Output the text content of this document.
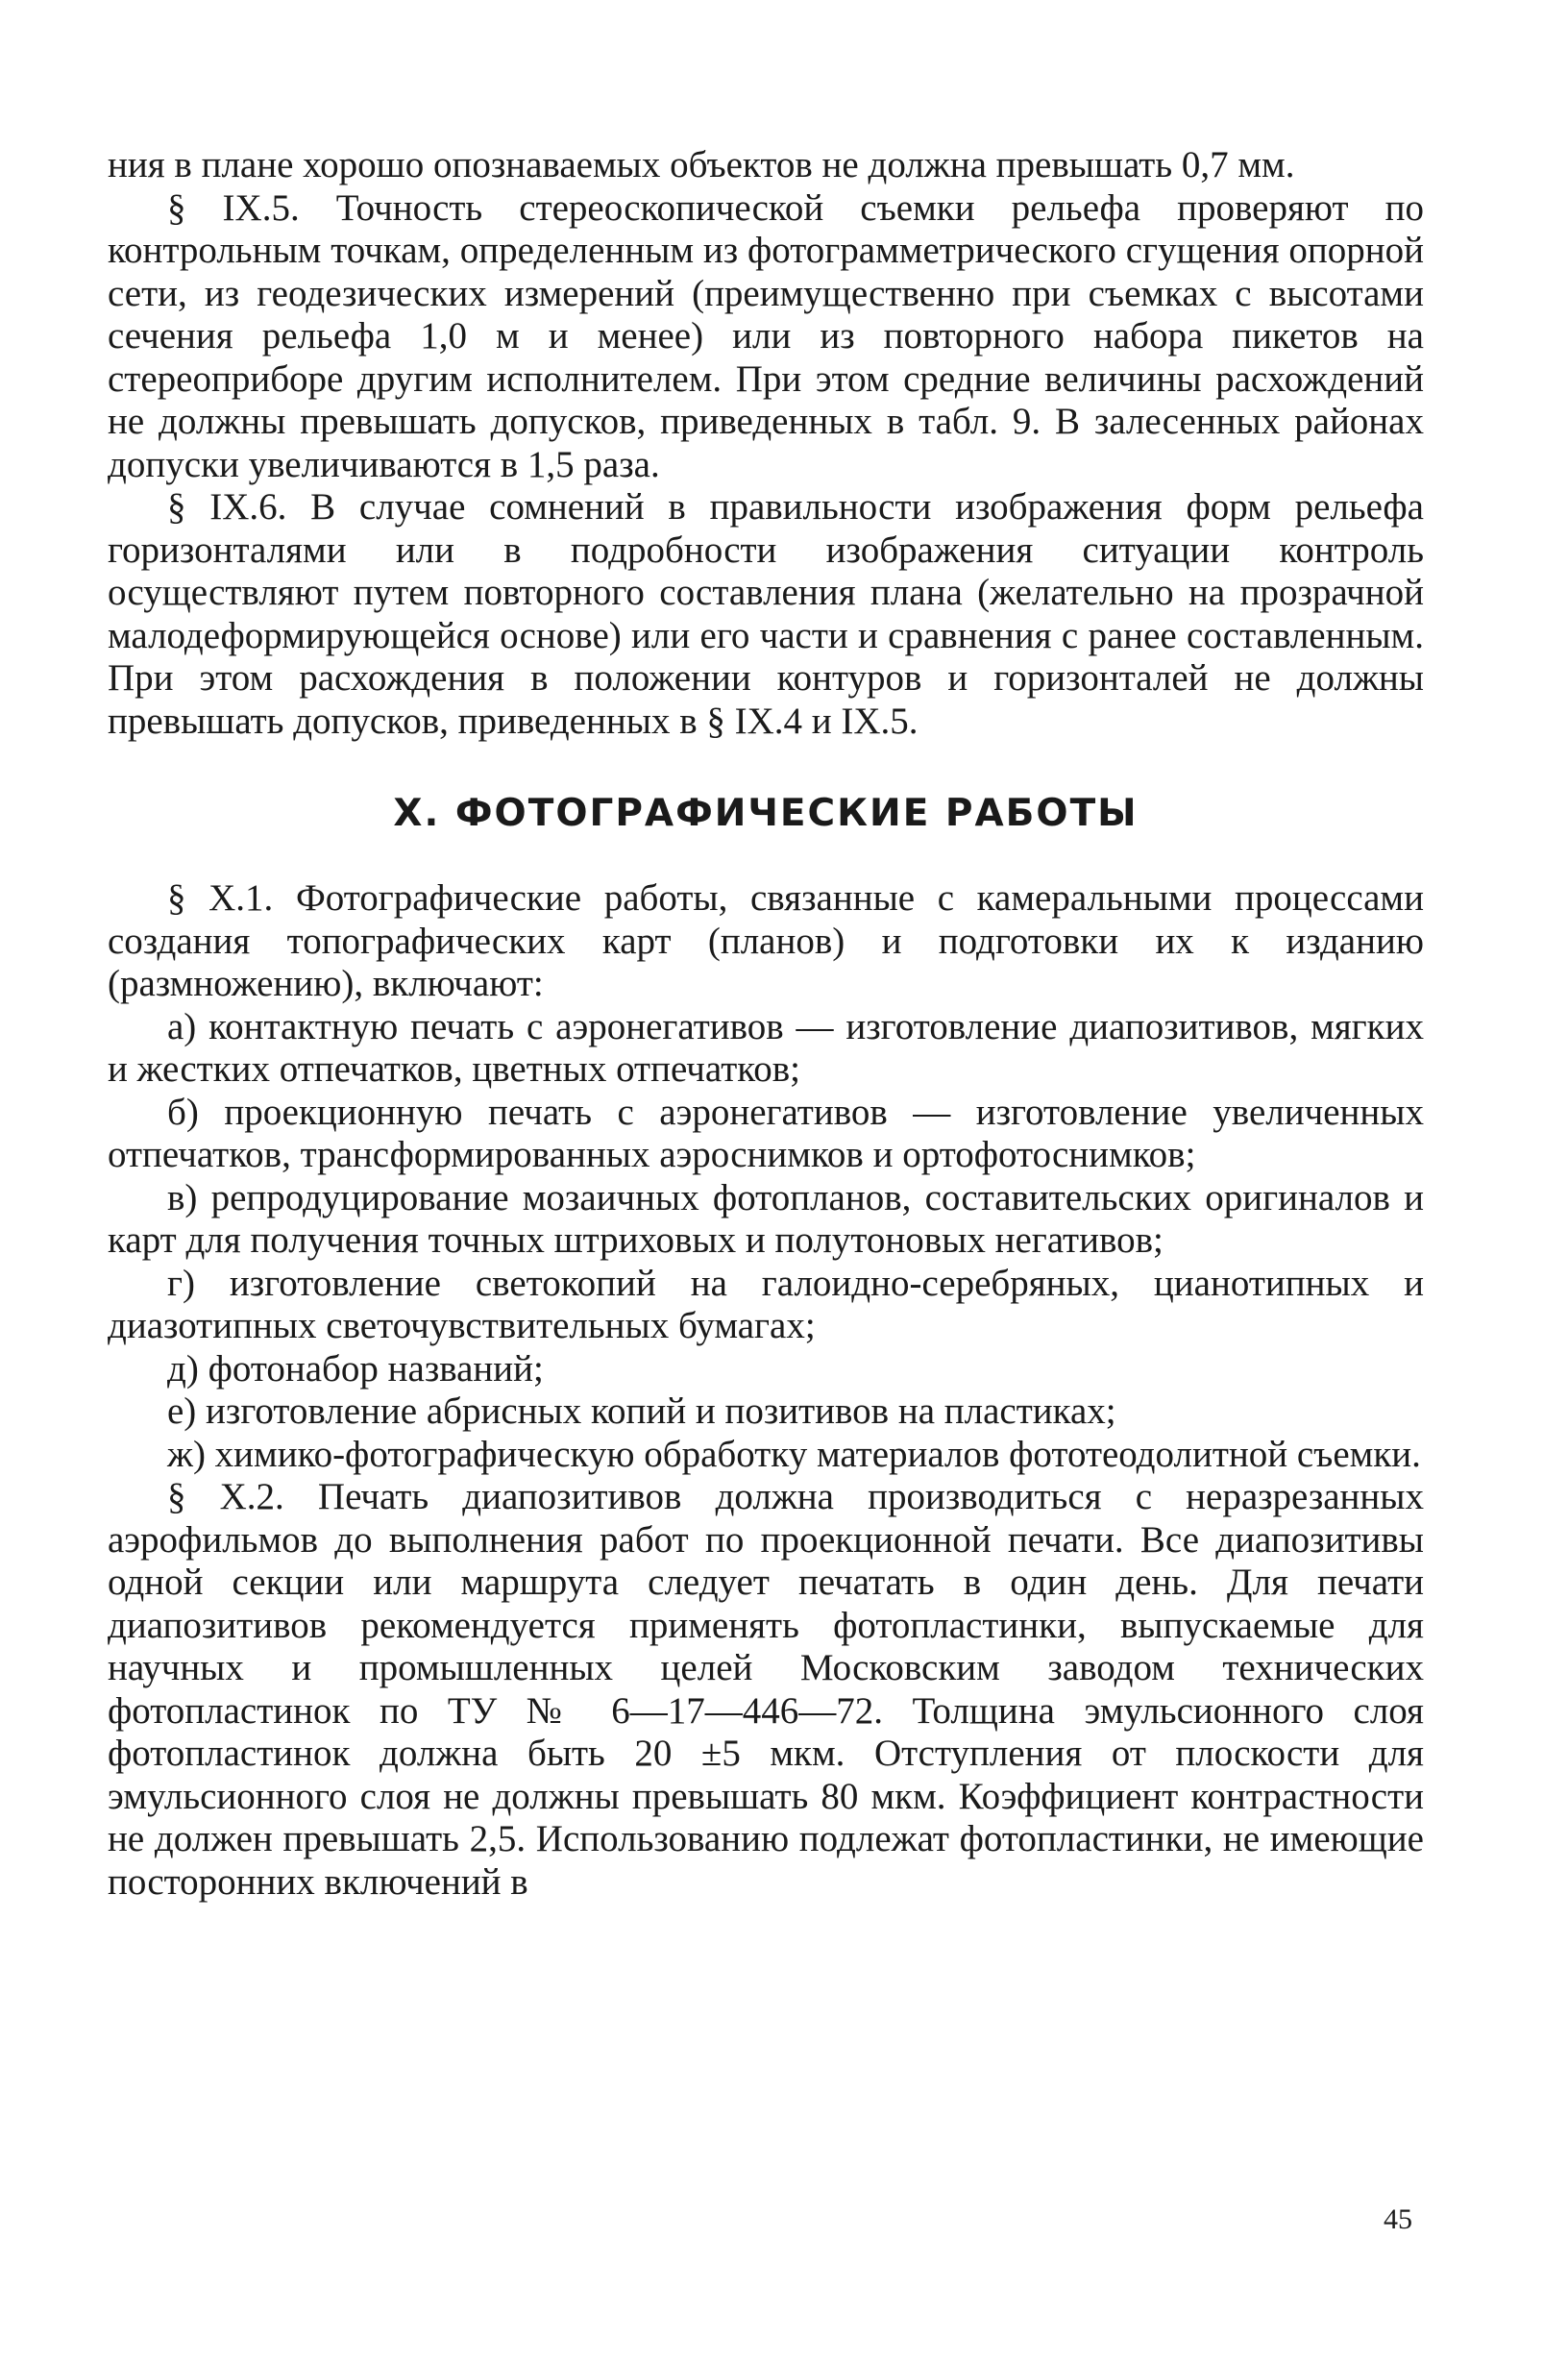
ния в плане хорошо опознаваемых объектов не должна превышать 0,7 мм.

§ IX.5. Точность стереоскопической съемки рельефа проверяют по контрольным точкам, определенным из фотограмметрического сгущения опорной сети, из геодезических измерений (преимущественно при съемках с высотами сечения рельефа 1,0 м и менее) или из повторного набора пикетов на стереоприборе другим исполнителем. При этом средние величины расхождений не должны превышать допусков, приведенных в табл. 9. В залесенных районах допуски увеличиваются в 1,5 раза.

§ IX.6. В случае сомнений в правильности изображения форм рельефа горизонталями или в подробности изображения ситуации контроль осуществляют путем повторного составления плана (желательно на прозрачной малодеформирующейся основе) или его части и сравнения с ранее составленным. При этом расхождения в положении контуров и горизонталей не должны превышать допусков, приведенных в § IX.4 и IX.5.

X. ФОТОГРАФИЧЕСКИЕ РАБОТЫ

§ X.1. Фотографические работы, связанные с камеральными процессами создания топографических карт (планов) и подготовки их к изданию (размножению), включают:

а) контактную печать с аэронегативов — изготовление диапозитивов, мягких и жестких отпечатков, цветных отпечатков;

б) проекционную печать с аэронегативов — изготовление увеличенных отпечатков, трансформированных аэроснимков и ортофотоснимков;

в) репродуцирование мозаичных фотопланов, составительских оригиналов и карт для получения точных штриховых и полутоновых негативов;

г) изготовление светокопий на галоидно-серебряных, цианотипных и диазотипных светочувствительных бумагах;

д) фотонабор названий;

е) изготовление абрисных копий и позитивов на пластиках;

ж) химико-фотографическую обработку материалов фототеодолитной съемки.

§ X.2. Печать диапозитивов должна производиться с неразрезанных аэрофильмов до выполнения работ по проекционной печати. Все диапозитивы одной секции или маршрута следует печатать в один день. Для печати диапозитивов рекомендуется применять фотопластинки, выпускаемые для научных и промышленных целей Московским заводом технических фотопластинок по ТУ № 6—17—446—72. Толщина эмульсионного слоя фотопластинок должна быть 20 ±5 мкм. Отступления от плоскости для эмульсионного слоя не должны превышать 80 мкм. Коэффициент контрастности не должен превышать 2,5. Использованию подлежат фотопластинки, не имеющие посторонних включений в

45
